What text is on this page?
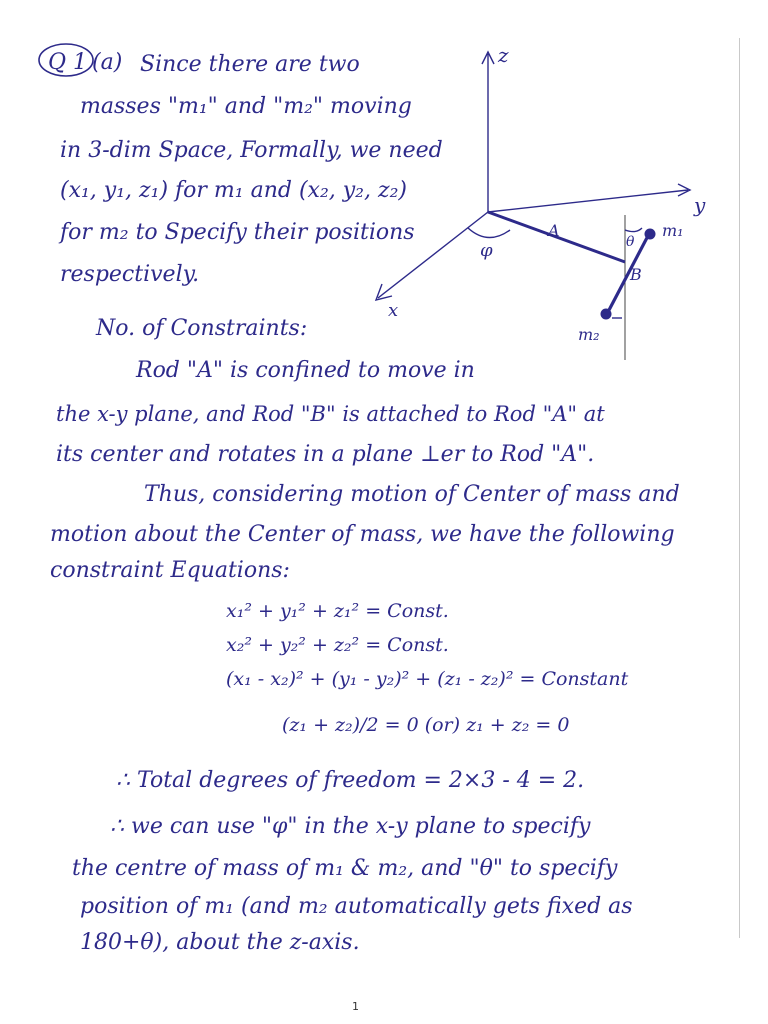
Q 1 (a) Since there are two
masses "m₁" and "m₂" moving
in 3-dim Space, Formally, we need
(x₁, y₁, z₁) for m₁ and (x₂, y₂, z₂)
for m₂ to Specify their positions
respectively.
z
y
x
φ
A
B
θ
m₁
m₂
No. of Constraints:
Rod "A" is confined to move in
the x-y plane, and Rod "B" is attached to Rod "A" at
its center and rotates in a plane ⊥er to Rod "A".
Thus, considering motion of Center of mass and
motion about the Center of mass, we have the following
constraint Equations:
x₁² + y₁² + z₁² = Const.
x₂² + y₂² + z₂² = Const.
(x₁ - x₂)² + (y₁ - y₂)² + (z₁ - z₂)² = Constant
(z₁ + z₂)/2 = 0 (or) z₁ + z₂ = 0
∴ Total degrees of freedom = 2×3 - 4 = 2.
∴ we can use "φ" in the x-y plane to specify
the centre of mass of m₁ & m₂, and "θ" to specify
position of m₁ (and m₂ automatically gets fixed as
180+θ), about the z-axis.
1
